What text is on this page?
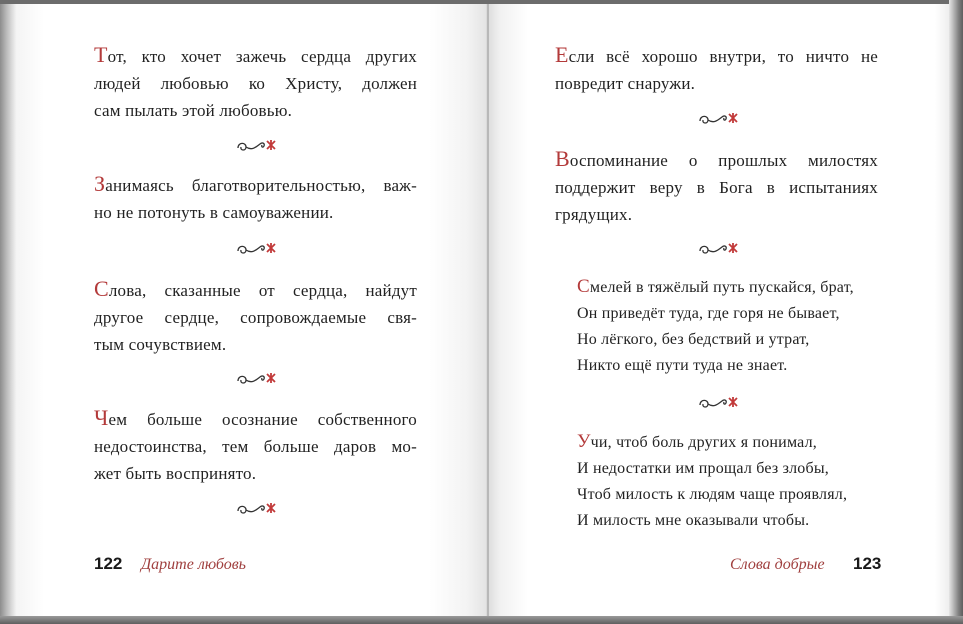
Тот, кто хочет зажечь сердца других
людей любовью ко Христу, должен
сам пылать этой любовью.
Занимаясь благотворительностью, важ-
но не потонуть в самоуважении.
Слова, сказанные от сердца, найдут
другое сердце, сопровождаемые свя-
тым сочувствием.
Чем больше осознание собственного
недостоинства, тем больше даров мо-
жет быть воспринято.
122 Дарите любовь
Если всё хорошо внутри, то ничто не
повредит снаружи.
Воспоминание о прошлых милостях
поддержит веру в Бога в испытаниях
грядущих.
Смелей в тяжёлый путь пускайся, брат,
Он приведёт туда, где горя не бывает,
Но лёгкого, без бедствий и утрат,
Никто ещё пути туда не знает.
Учи, чтоб боль других я понимал,
И недостатки им прощал без злобы,
Чтоб милость к людям чаще проявлял,
И милость мне оказывали чтобы.
Слова добрые 123
